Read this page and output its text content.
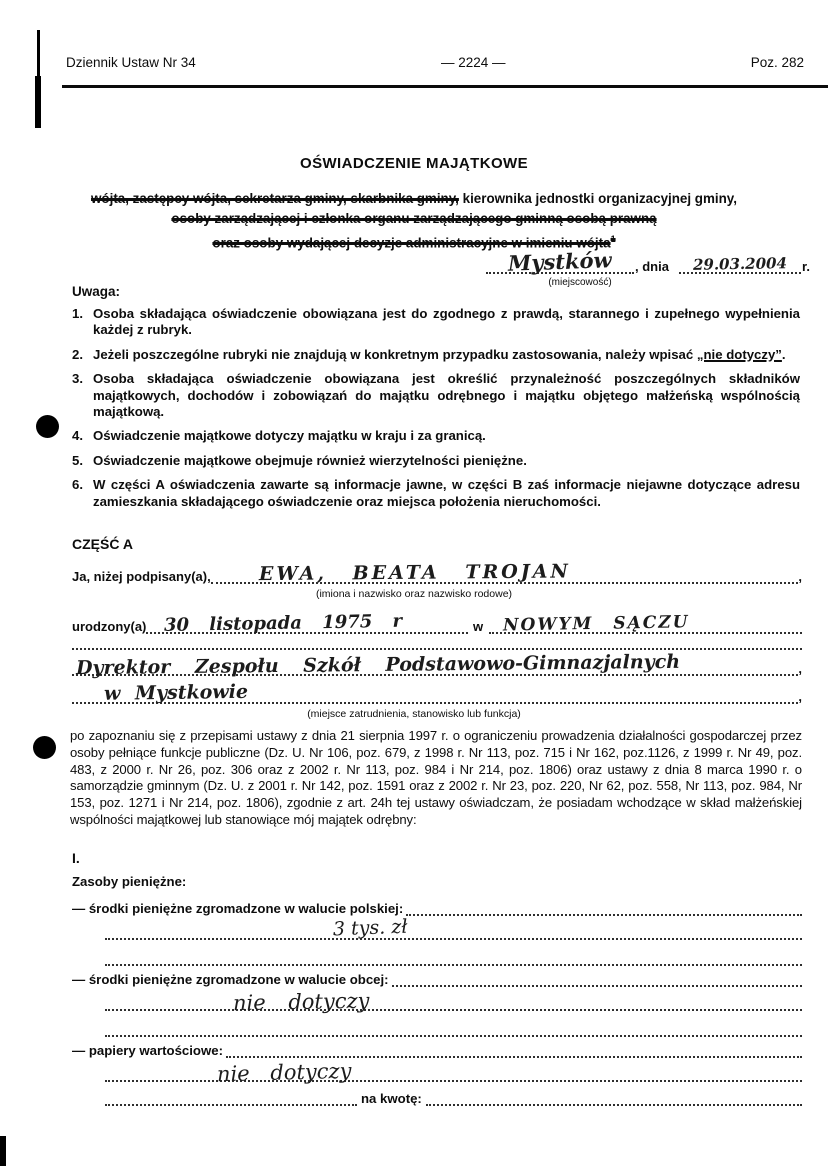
Dziennik Ustaw Nr 34	— 2224 —	Poz. 282
OŚWIADCZENIE MAJĄTKOWE
wójta, zastępcy wójta, sekretarza gminy, skarbnika gminy, kierownika jednostki organizacyjnej gminy,
osoby zarządzającej i członka organu zarządzającego gminną osobą prawną
oraz osoby wydającej decyzje administracyjne w imieniu wójta$^1$
Mystków	, dnia	29.03.2004	r.
(miejscowość)
Uwaga:
1. Osoba składająca oświadczenie obowiązana jest do zgodnego z prawdą, starannego i zupełnego wypełnienia każdej z rubryk.
2. Jeżeli poszczególne rubryki nie znajdują w konkretnym przypadku zastosowania, należy wpisać „nie dotyczy”.
3. Osoba składająca oświadczenie obowiązana jest określić przynależność poszczególnych składników majątkowych, dochodów i zobowiązań do majątku odrębnego i majątku objętego małżeńską wspólnością majątkową.
4. Oświadczenie majątkowe dotyczy majątku w kraju i za granicą.
5. Oświadczenie majątkowe obejmuje również wierzytelności pieniężne.
6. W części A oświadczenia zawarte są informacje jawne, w części B zaś informacje niejawne dotyczące adresu zamieszkania składającego oświadczenie oraz miejsca położenia nieruchomości.
CZĘŚĆ A
Ja, niżej podpisany(a),	EWA, BEATA TROJAN	,
(imiona i nazwisko oraz nazwisko rodowe)
urodzony(a) 30 listopada 1975 r	w NOWYM SĄCZU
Dyrektor Zespołu Szkół Podstawowo-Gimnazjalnych	,
w Mystkowie	,
(miejsce zatrudnienia, stanowisko lub funkcja)
po zapoznaniu się z przepisami ustawy z dnia 21 sierpnia 1997 r. o ograniczeniu prowadzenia działalności gospodarczej przez osoby pełniące funkcje publiczne (Dz. U. Nr 106, poz. 679, z 1998 r. Nr 113, poz. 715 i Nr 162, poz.1126, z 1999 r. Nr 49, poz. 483, z 2000 r. Nr 26, poz. 306 oraz z 2002 r. Nr 113, poz. 984 i Nr 214, poz. 1806) oraz ustawy z dnia 8 marca 1990 r. o samorządzie gminnym (Dz. U. z 2001 r. Nr 142, poz. 1591 oraz z 2002 r. Nr 23, poz. 220, Nr 62, poz. 558, Nr 113, poz. 984, Nr 153, poz. 1271 i Nr 214, poz. 1806), zgodnie z art. 24h tej ustawy oświadczam, że posiadam wchodzące w skład małżeńskiej wspólności majątkowej lub stanowiące mój majątek odrębny:
I.
Zasoby pieniężne:
— środki pieniężne zgromadzone w walucie polskiej:
3 tys. zł
— środki pieniężne zgromadzone w walucie obcej:
nie dotyczy
— papiery wartościowe:
nie dotyczy
na kwotę:
